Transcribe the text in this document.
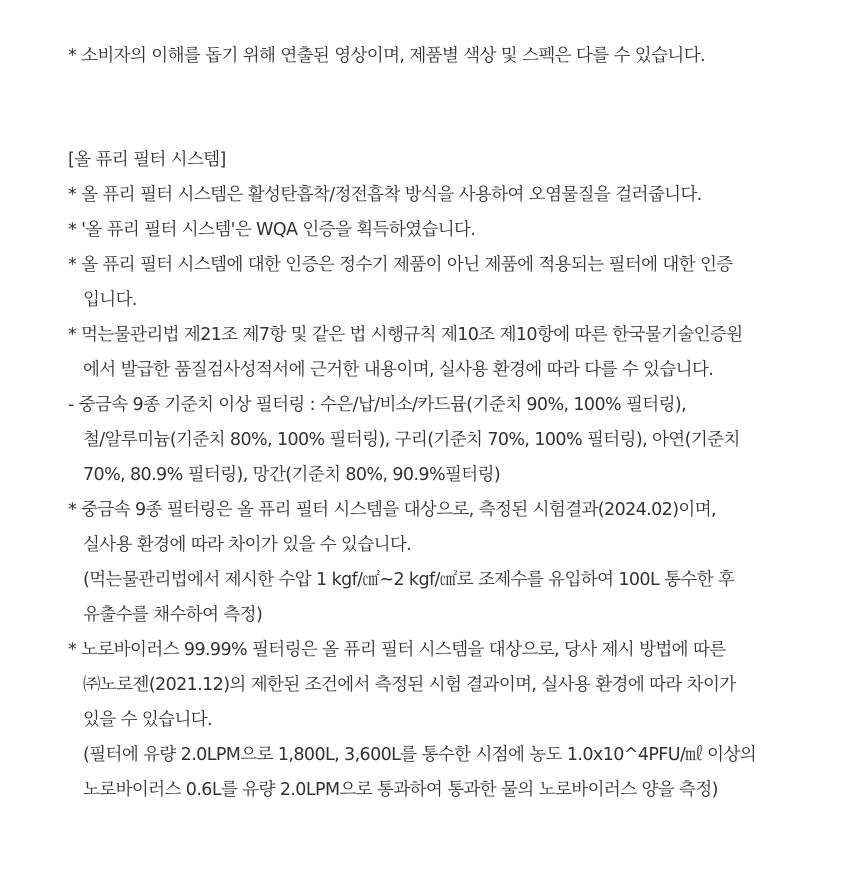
* 소비자의 이해를 돕기 위해 연출된 영상이며, 제품별 색상 및 스펙은 다를 수 있습니다.
[올 퓨리 필터 시스템]
* 올 퓨리 필터 시스템은 활성탄흡착/정전흡착 방식을 사용하여 오염물질을 걸러줍니다.
* '올 퓨리 필터 시스템'은 WQA 인증을 획득하였습니다.
* 올 퓨리 필터 시스템에 대한 인증은 정수기 제품이 아닌 제품에 적용되는 필터에 대한 인증
입니다.
* 먹는물관리법 제21조 제7항 및 같은 법 시행규칙 제10조 제10항에 따른 한국물기술인증원
에서 발급한 품질검사성적서에 근거한 내용이며, 실사용 환경에 따라 다를 수 있습니다.
- 중금속 9종 기준치 이상 필터링 : 수은/납/비소/카드뮴(기준치 90%, 100% 필터링),
철/알루미늄(기준치 80%, 100% 필터링), 구리(기준치 70%, 100% 필터링), 아연(기준치
70%, 80.9% 필터링), 망간(기준치 80%, 90.9%필터링)
* 중금속 9종 필터링은 올 퓨리 필터 시스템을 대상으로, 측정된 시험결과(2024.02)이며,
실사용 환경에 따라 차이가 있을 수 있습니다.
(먹는물관리법에서 제시한 수압 1 kgf/㎠~2 kgf/㎠로 조제수를 유입하여 100L 통수한 후
유출수를 채수하여 측정)
* 노로바이러스 99.99% 필터링은 올 퓨리 필터 시스템을 대상으로, 당사 제시 방법에 따른
㈜노로젠(2021.12)의 제한된 조건에서 측정된 시험 결과이며, 실사용 환경에 따라 차이가
있을 수 있습니다.
(필터에 유량 2.0LPM으로 1,800L, 3,600L를 통수한 시점에 농도 1.0x10^4PFU/㎖ 이상의
노로바이러스 0.6L를 유량 2.0LPM으로 통과하여 통과한 물의 노로바이러스 양을 측정)
